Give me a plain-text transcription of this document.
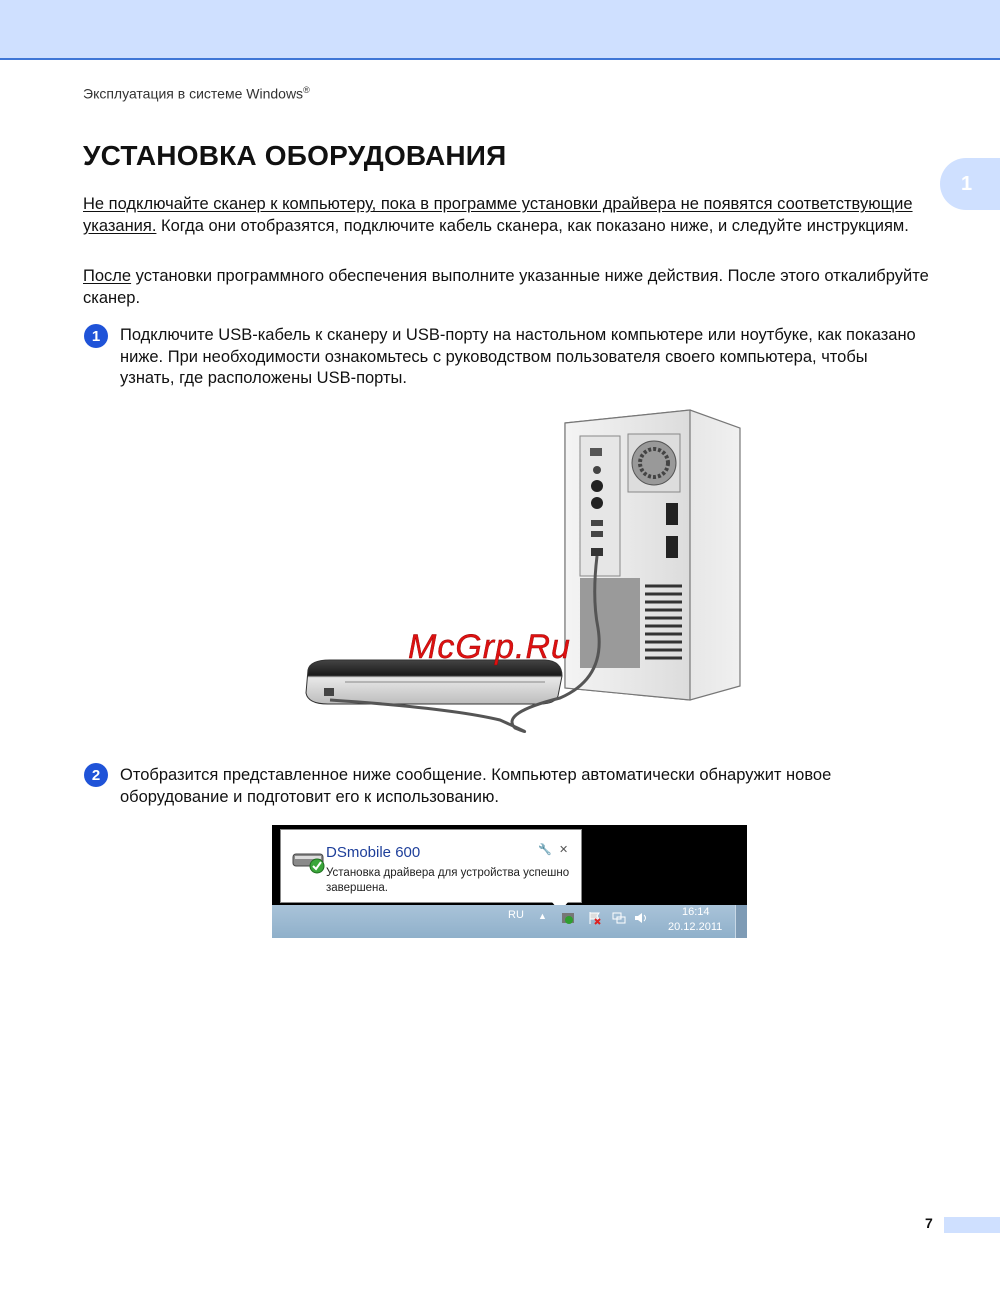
Эксплуатация в системе Windows®
1
УСТАНОВКА ОБОРУДОВАНИЯ

Не подключайте сканер к компьютеру, пока в программе установки драйвера не появятся соответствующие указания. Когда они отобразятся, подключите кабель сканера, как показано ниже, и следуйте инструкциям.

После установки программного обеспечения выполните указанные ниже действия. После этого откалибруйте сканер.

1	Подключите USB-кабель к сканеру и USB-порту на настольном компьютере или ноутбуке, как показано ниже. При необходимости ознакомьтесь с руководством пользователя своего компьютера, чтобы узнать, где расположены USB-порты.

McGrp.Ru
2	Отобразится представленное ниже сообщение. Компьютер автоматически обнаружит новое оборудование и подготовит его к использованию.

DSmobile 600	🔧 ✕
Установка драйвера для устройства успешно завершена.
RU ▲	16:14
20.12.2011
7
